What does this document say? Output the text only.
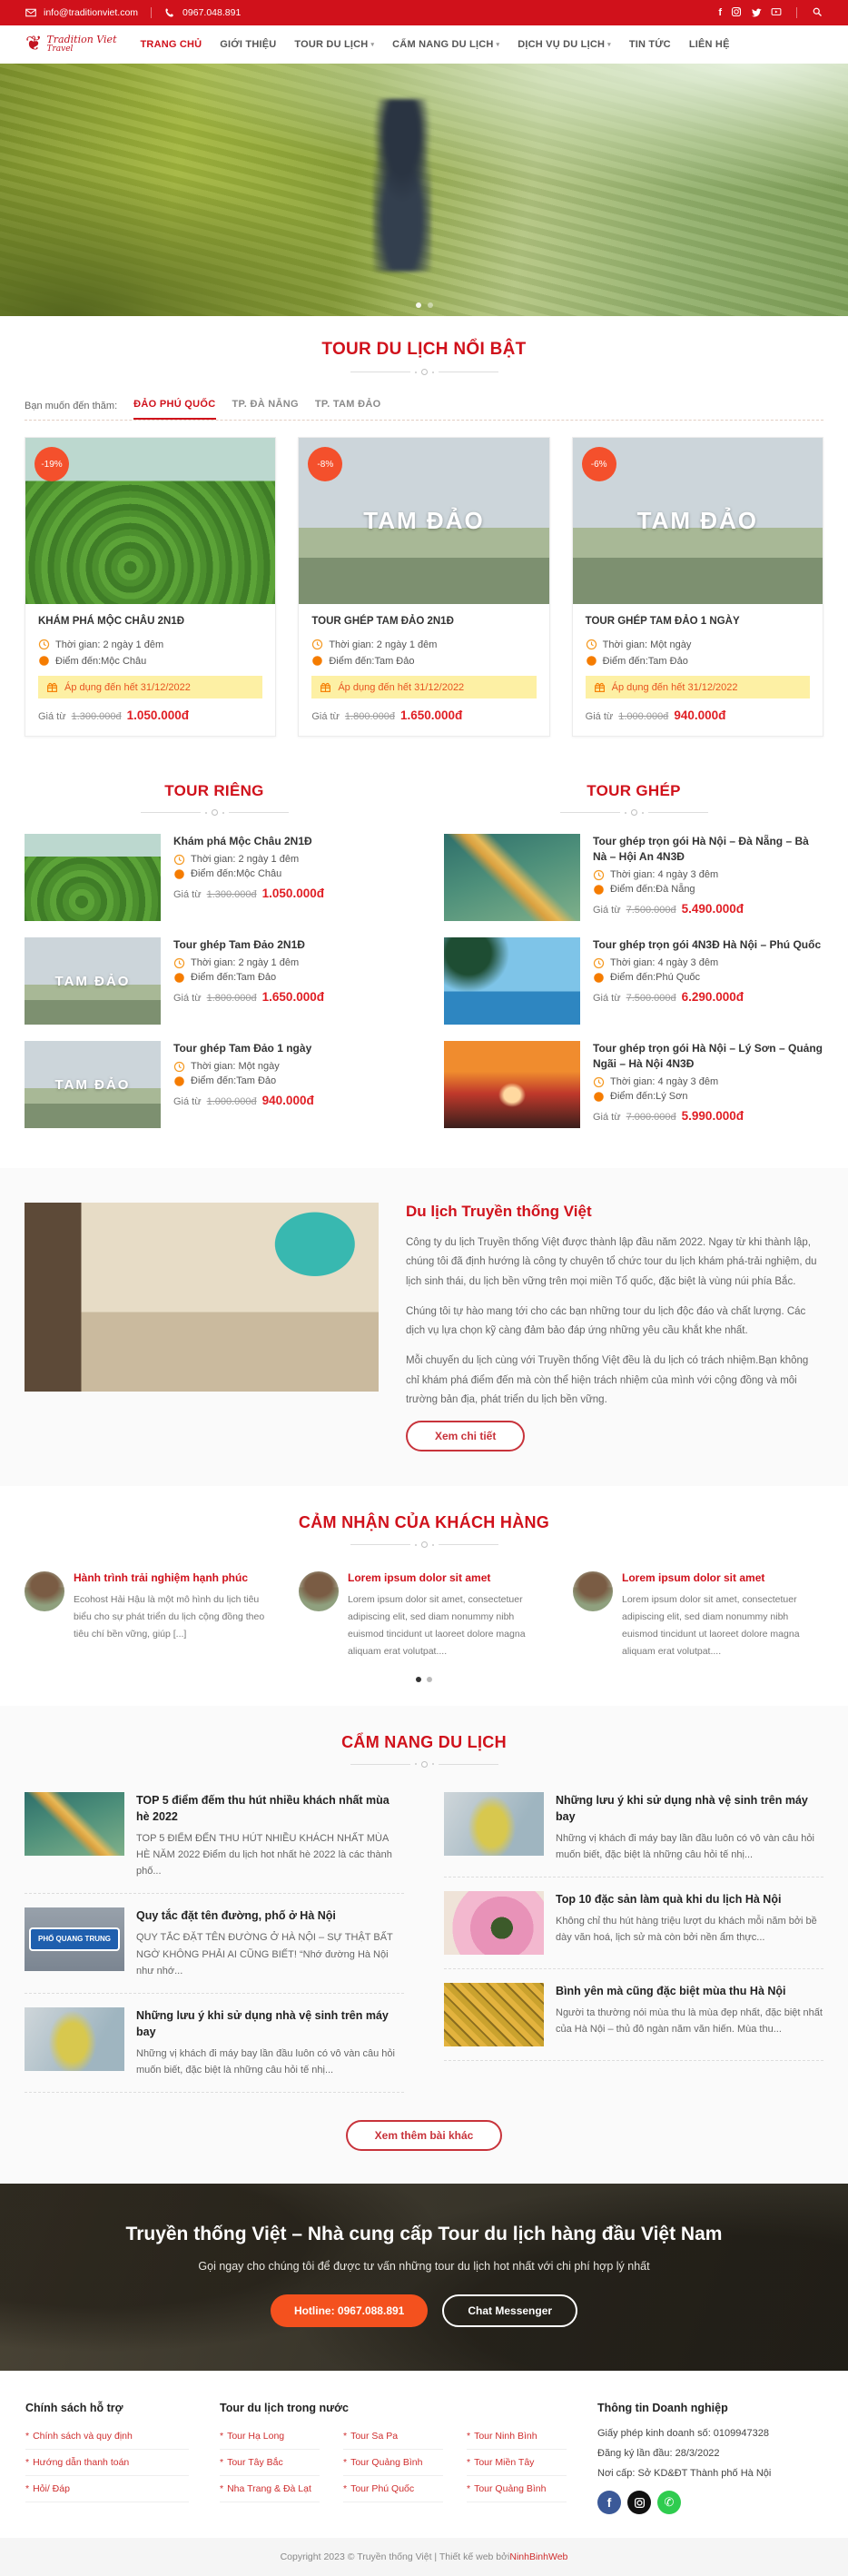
info@traditionviet.com	0967.048.891	f
❦ Tradition Viet
Travel	TRANG CHỦ GIỚI THIỆU TOUR DU LỊCH ▾ CẨM NANG DU LỊCH ▾ DỊCH VỤ DU LỊCH ▾ TIN TỨC LIÊN HỆ
TOUR DU LỊCH NỔI BẬT
Bạn muốn đến thăm: ĐẢO PHÚ QUỐC TP. ĐÀ NẴNG TP. TAM ĐẢO
-19%
KHÁM PHÁ MỘC CHÂU 2N1Đ
Thời gian: 2 ngày 1 đêm
Điểm đến:Mộc Châu
Áp dụng đến hết 31/12/2022
Giá từ 1.300.000đ 1.050.000đ
-8%
TAM ĐẢO
TOUR GHÉP TAM ĐẢO 2N1Đ
Thời gian: 2 ngày 1 đêm
Điểm đến:Tam Đảo
Áp dụng đến hết 31/12/2022
Giá từ 1.800.000đ 1.650.000đ
-6%
TAM ĐẢO
TOUR GHÉP TAM ĐẢO 1 NGÀY
Thời gian: Một ngày
Điểm đến:Tam Đảo
Áp dụng đến hết 31/12/2022
Giá từ 1.000.000đ 940.000đ
TOUR RIÊNG
Khám phá Mộc Châu 2N1Đ
Thời gian: 2 ngày 1 đêm
Điểm đến:Mộc Châu
Giá từ 1.300.000đ 1.050.000đ
TAM ĐẢO
Tour ghép Tam Đảo 2N1Đ
Thời gian: 2 ngày 1 đêm
Điểm đến:Tam Đảo
Giá từ 1.800.000đ 1.650.000đ
TAM ĐẢO
Tour ghép Tam Đảo 1 ngày
Thời gian: Một ngày
Điểm đến:Tam Đảo
Giá từ 1.000.000đ 940.000đ
TOUR GHÉP
Tour ghép trọn gói Hà Nội – Đà Nẵng – Bà Nà – Hội An 4N3Đ
Thời gian: 4 ngày 3 đêm
Điểm đến:Đà Nẵng
Giá từ 7.500.000đ 5.490.000đ
Tour ghép trọn gói 4N3Đ Hà Nội – Phú Quốc
Thời gian: 4 ngày 3 đêm
Điểm đến:Phú Quốc
Giá từ 7.500.000đ 6.290.000đ
Tour ghép trọn gói Hà Nội – Lý Sơn – Quảng Ngãi – Hà Nội 4N3Đ
Thời gian: 4 ngày 3 đêm
Điểm đến:Lý Sơn
Giá từ 7.000.000đ 5.990.000đ
Du lịch Truyền thống Việt

Công ty du lịch Truyền thống Việt được thành lập đầu năm 2022. Ngay từ khi thành lập, chúng tôi đã định hướng là công ty chuyên tổ chức tour du lịch khám phá-trải nghiệm, du lịch sinh thái, du lịch bền vững trên mọi miền Tổ quốc, đặc biệt là vùng núi phía Bắc.

Chúng tôi tự hào mang tới cho các bạn những tour du lịch độc đáo và chất lượng. Các dịch vụ lựa chọn kỹ càng đảm bảo đáp ứng những yêu cầu khắt khe nhất.

Mỗi chuyến du lịch cùng với Truyền thống Việt đều là du lịch có trách nhiệm.Bạn không chỉ khám phá điểm đến mà còn thể hiện trách nhiệm của mình với cộng đồng và môi trường bản địa, phát triển du lịch bền vững.

Xem chi tiết
CẢM NHẬN CỦA KHÁCH HÀNG
Hành trình trải nghiệm hạnh phúc

Ecohost Hải Hậu là một mô hình du lịch tiêu biểu cho sự phát triển du lịch cộng đồng theo tiêu chí bền vững, giúp [...]

Lorem ipsum dolor sit amet

Lorem ipsum dolor sit amet, consectetuer adipiscing elit, sed diam nonummy nibh euismod tincidunt ut laoreet dolore magna aliquam erat volutpat....

Lorem ipsum dolor sit amet

Lorem ipsum dolor sit amet, consectetuer adipiscing elit, sed diam nonummy nibh euismod tincidunt ut laoreet dolore magna aliquam erat volutpat....

CẨM NANG DU LỊCH
TOP 5 điểm đếm thu hút nhiều khách nhất mùa hè 2022

TOP 5 ĐIỂM ĐẾN THU HÚT NHIỀU KHÁCH NHẤT MÙA HÈ NĂM 2022 Điểm du lịch hot nhất hè 2022 là các thành phố...

PHỐ QUANG TRUNG
Quy tắc đặt tên đường, phố ở Hà Nội

QUY TẮC ĐẶT TÊN ĐƯỜNG Ở HÀ NỘI – SỰ THẬT BẤT NGỜ KHÔNG PHẢI AI CŨNG BIẾT! “Nhớ đường Hà Nội như nhớ...

Những lưu ý khi sử dụng nhà vệ sinh trên máy bay

Những vị khách đi máy bay lần đầu luôn có vô vàn câu hỏi muốn biết, đặc biệt là những câu hỏi tế nhị...

Những lưu ý khi sử dụng nhà vệ sinh trên máy bay

Những vị khách đi máy bay lần đầu luôn có vô vàn câu hỏi muốn biết, đặc biệt là những câu hỏi tế nhị...

Top 10 đặc sản làm quà khi du lịch Hà Nội

Không chỉ thu hút hàng triệu lượt du khách mỗi năm bởi bề dày văn hoá, lịch sử mà còn bởi nền ẩm thực...

Bình yên mà cũng đặc biệt mùa thu Hà Nội

Người ta thường nói mùa thu là mùa đẹp nhất, đặc biệt nhất của Hà Nội – thủ đô ngàn năm văn hiến. Mùa thu...

Xem thêm bài khác
Truyền thống Việt – Nhà cung cấp Tour du lịch hàng đầu Việt Nam

Gọi ngay cho chúng tôi để được tư vấn những tour du lịch hot nhất với chi phí hợp lý nhất

Hotline: 0967.088.891	Chat Messenger
Chính sách hỗ trợ
* Chính sách và quy định
* Hướng dẫn thanh toán
* Hỏi/ Đáp
Tour du lịch trong nước
* Tour Hạ Long
* Tour Tây Bắc
* Nha Trang & Đà Lạt
* Tour Sa Pa
* Tour Quảng Bình
* Tour Phú Quốc
* Tour Ninh Bình
* Tour Miền Tây
* Tour Quảng Bình
Thông tin Doanh nghiệp

Giấy phép kinh doanh số: 0109947328

Đăng ký lần đầu: 28/3/2022

Nơi cấp: Sở KD&ĐT Thành phố Hà Nội

f	✆
Copyright 2023 © Truyền thống Việt | Thiết kế web bởi NinhBinhWeb
